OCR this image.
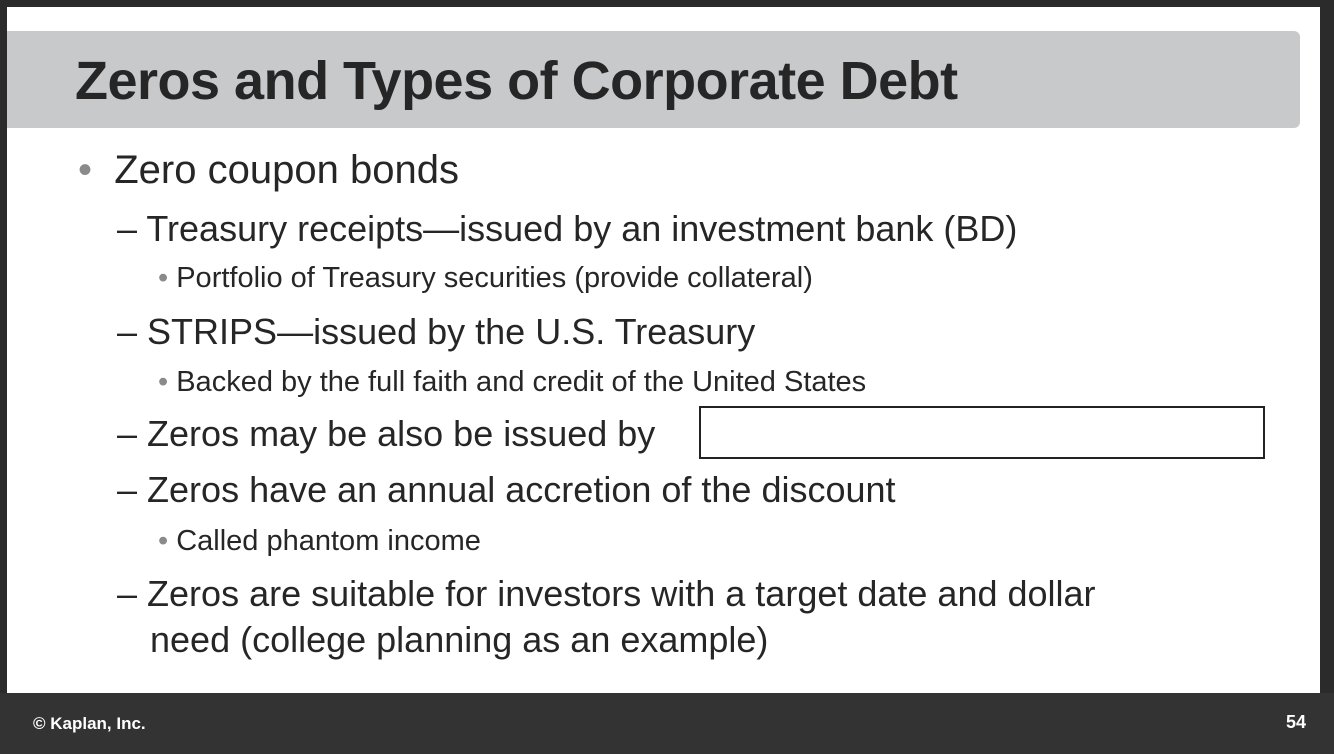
Zeros and Types of Corporate Debt
• Zero coupon bonds
– Treasury receipts—issued by an investment bank (BD)
• Portfolio of Treasury securities (provide collateral)
– STRIPS—issued by the U.S. Treasury
• Backed by the full faith and credit of the United States
– Zeros may be also be issued by
– Zeros have an annual accretion of the discount
• Called phantom income
– Zeros are suitable for investors with a target date and dollar
need (college planning as an example)
© Kaplan, Inc.	54
